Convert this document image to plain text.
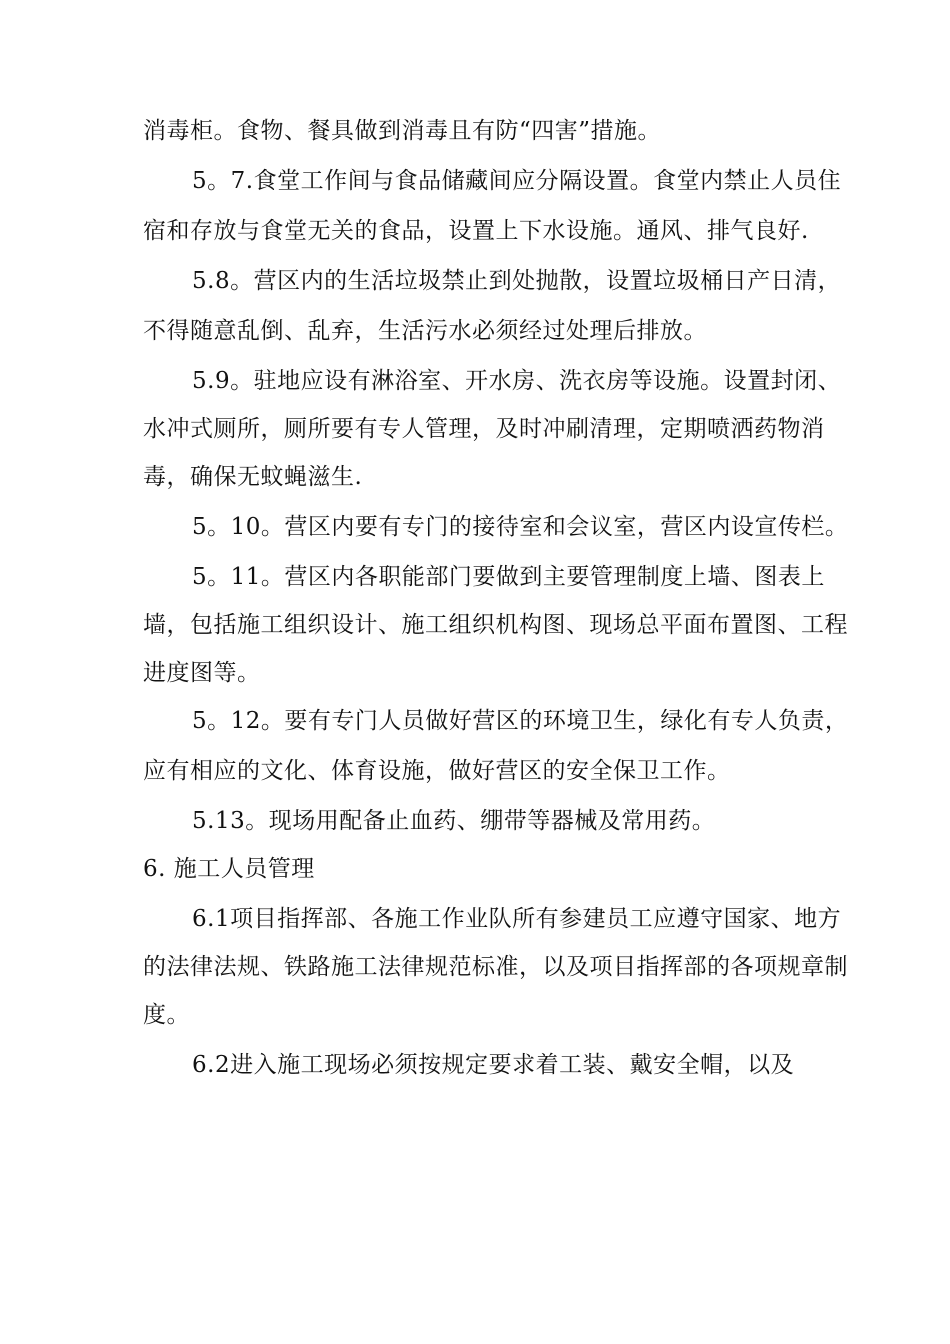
消毒柜。食物、餐具做到消毒且有防“四害”措施。
5。7.食堂工作间与食品储藏间应分隔设置。食堂内禁止人员住
宿和存放与食堂无关的食品，设置上下水设施。通风、排气良好.
5.8。营区内的生活垃圾禁止到处抛散，设置垃圾桶日产日清，
不得随意乱倒、乱弃，生活污水必须经过处理后排放。
5.9。驻地应设有淋浴室、开水房、洗衣房等设施。设置封闭、
水冲式厕所，厕所要有专人管理，及时冲刷清理，定期喷洒药物消
毒，确保无蚊蝇滋生.
5。10。营区内要有专门的接待室和会议室，营区内设宣传栏。
5。11。营区内各职能部门要做到主要管理制度上墙、图表上
墙，包括施工组织设计、施工组织机构图、现场总平面布置图、工程
进度图等。
5。12。要有专门人员做好营区的环境卫生，绿化有专人负责，
应有相应的文化、体育设施，做好营区的安全保卫工作。
5.13。现场用配备止血药、绷带等器械及常用药。
6. 施工人员管理
6.1项目指挥部、各施工作业队所有参建员工应遵守国家、地方
的法律法规、铁路施工法律规范标准，以及项目指挥部的各项规章制
度。
6.2进入施工现场必须按规定要求着工装、戴安全帽，以及
